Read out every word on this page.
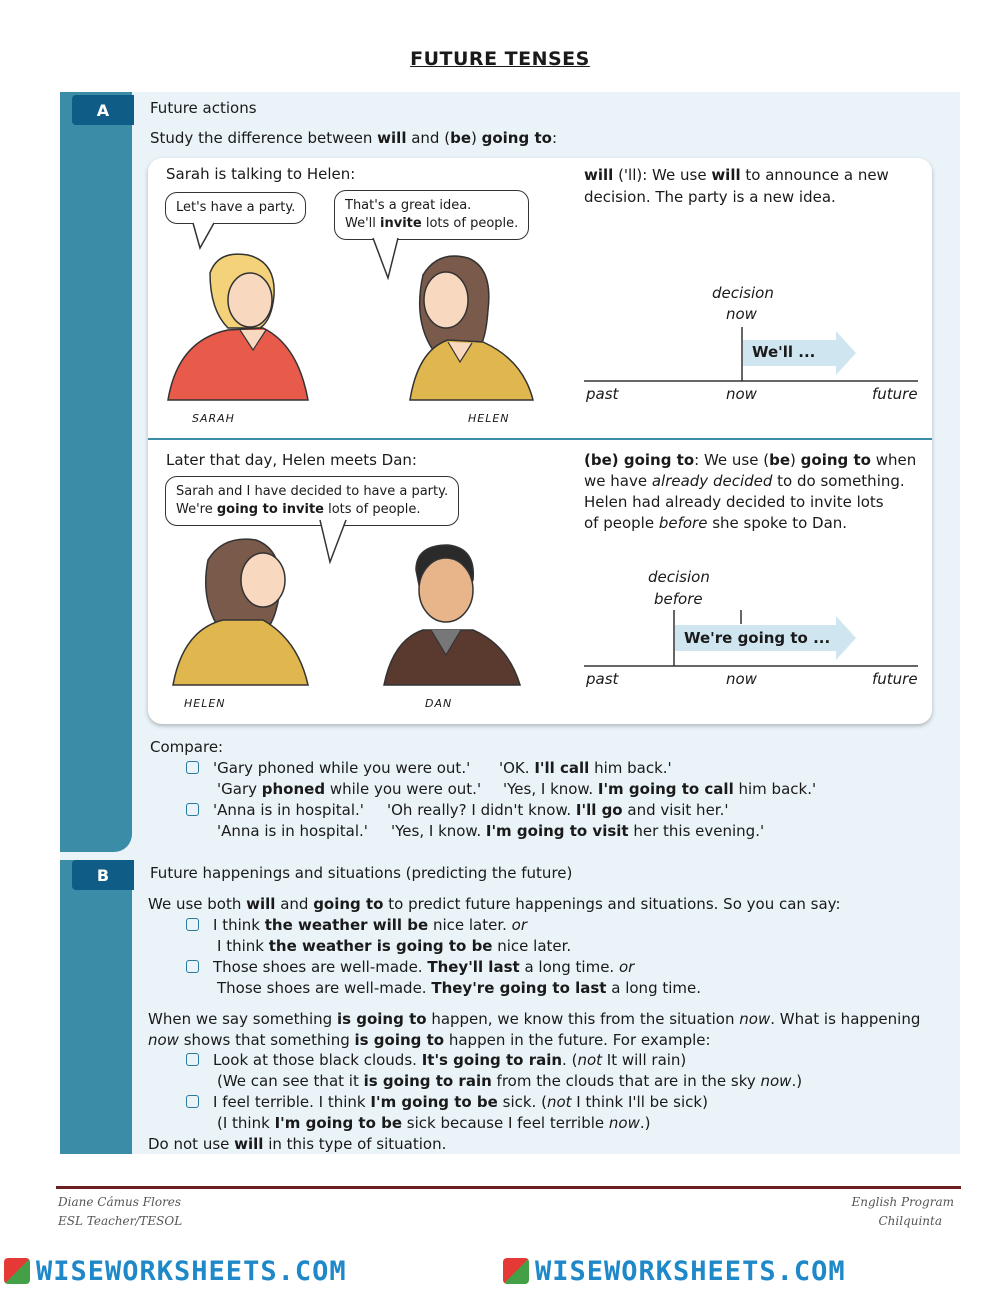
FUTURE TENSES
A
B
Future actions
Study the difference between will and (be) going to:
Sarah is talking to Helen:
Let's have a party.	That's a great idea.
We'll invite lots of people.
SARAH	HELEN
will ('ll): We use will to announce a new
decision. The party is a new idea.
decision
now
We'll ...
past	now	future
Later that day, Helen meets Dan:
Sarah and I have decided to have a party.
We're going to invite lots of people.
HELEN	DAN
(be) going to: We use (be) going to when
we have already decided to do something.
Helen had already decided to invite lots
of people before she spoke to Dan.
decision
before
We're going to ...
past	now	future
Compare:
'Gary phoned while you were out.' 'OK. I'll call him back.'
'Gary phoned while you were out.' 'Yes, I know. I'm going to call him back.'
'Anna is in hospital.' 'Oh really? I didn't know. I'll go and visit her.'
'Anna is in hospital.' 'Yes, I know. I'm going to visit her this evening.'
Future happenings and situations (predicting the future)
We use both will and going to to predict future happenings and situations. So you can say:
I think the weather will be nice later. or
I think the weather is going to be nice later.
Those shoes are well-made. They'll last a long time. or
Those shoes are well-made. They're going to last a long time.
When we say something is going to happen, we know this from the situation now. What is happening
now shows that something is going to happen in the future. For example:
Look at those black clouds. It's going to rain. (not It will rain)
(We can see that it is going to rain from the clouds that are in the sky now.)
I feel terrible. I think I'm going to be sick. (not I think I'll be sick)
(I think I'm going to be sick because I feel terrible now.)
Do not use will in this type of situation.
Diane Cámus Flores
ESL Teacher/TESOL
English Program
Chilquinta
WISEWORKSHEETS.COM	WISEWORKSHEETS.COM
